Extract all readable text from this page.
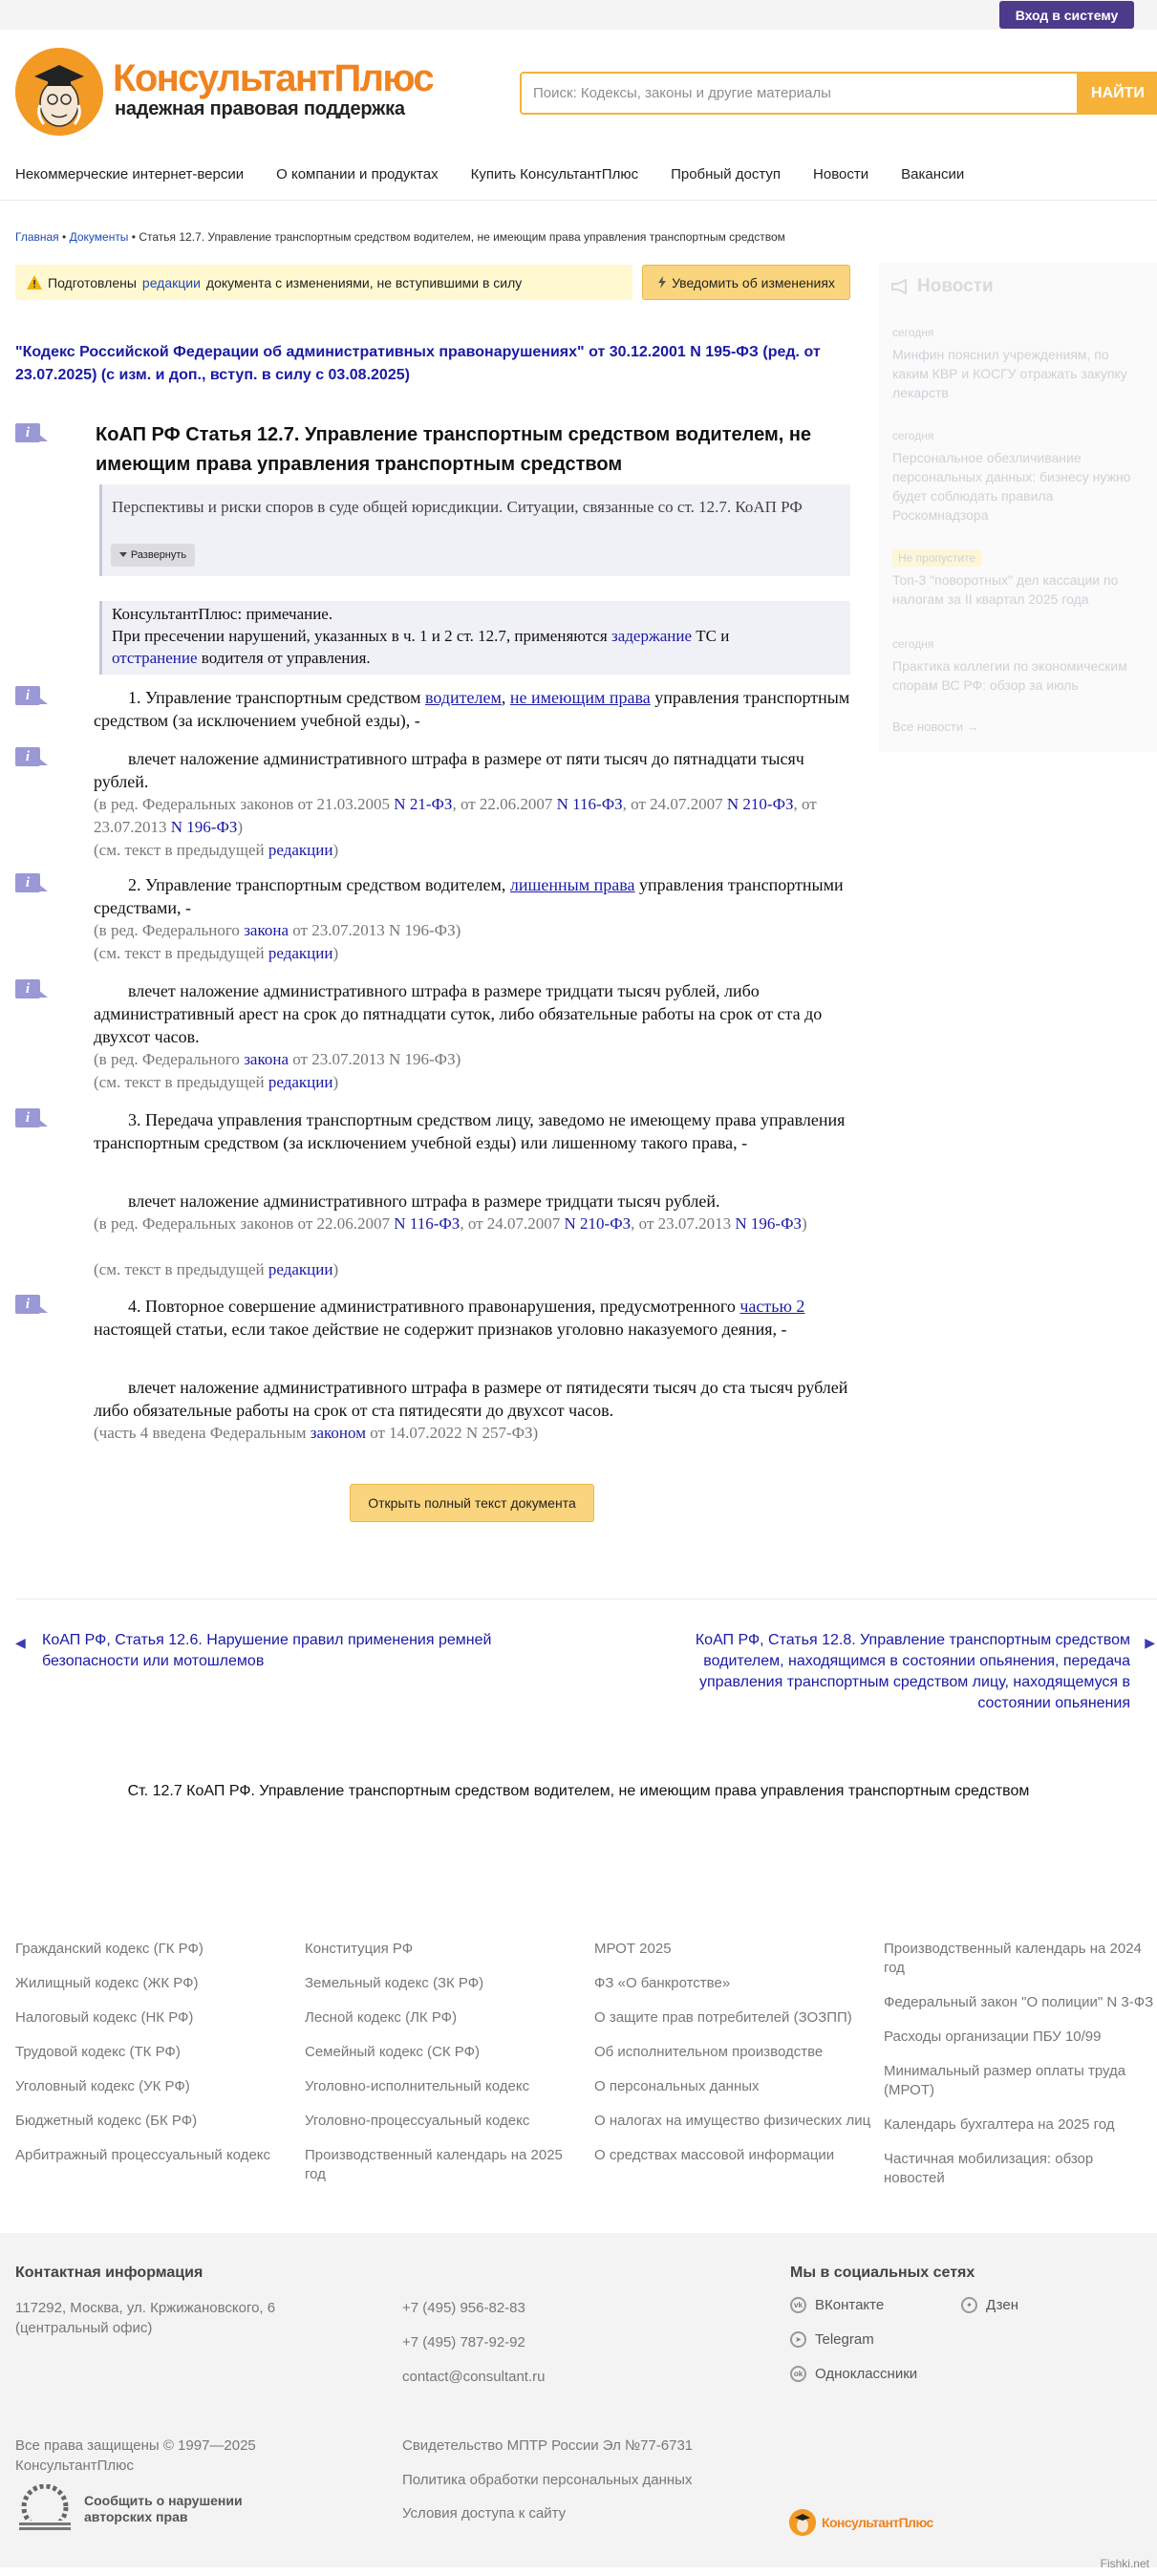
Вход в систему
КонсультантПлюс
надежная правовая поддержка
Поиск: Кодексы, законы и другие материалы
НАЙТИ
Некоммерческие интернет-версии О компании и продуктах Купить КонсультантПлюс Пробный доступ Новости Вакансии
Главная • Документы • Статья 12.7. Управление транспортным средством водителем, не имеющим права управления транспортным средством
Подготовлены редакции документа с изменениями, не вступившими в силу	Уведомить об изменениях
"Кодекс Российской Федерации об административных правонарушениях" от 30.12.2001 N 195-ФЗ (ред. от 23.07.2025) (с изм. и доп., вступ. в силу с 03.08.2025)
i
i
i
i
i
i
i
КоАП РФ Статья 12.7. Управление транспортным средством водителем, не имеющим права управления транспортным средством
Перспективы и риски споров в суде общей юрисдикции. Ситуации, связанные со ст. 12.7. КоАП РФ
Развернуть
КонсультантПлюс: примечание.
При пресечении нарушений, указанных в ч. 1 и 2 ст. 12.7, применяются задержание ТС и
отстранение водителя от управления.
1. Управление транспортным средством водителем, не имеющим права управления транспортным средством (за исключением учебной езды), -
влечет наложение административного штрафа в размере от пяти тысяч до пятнадцати тысяч рублей.
(в ред. Федеральных законов от 21.03.2005 N 21-ФЗ, от 22.06.2007 N 116-ФЗ, от 24.07.2007 N 210-ФЗ, от 23.07.2013 N 196-ФЗ)
(см. текст в предыдущей редакции)
2. Управление транспортным средством водителем, лишенным права управления транспортными средствами, -
(в ред. Федерального закона от 23.07.2013 N 196-ФЗ)
(см. текст в предыдущей редакции)
влечет наложение административного штрафа в размере тридцати тысяч рублей, либо административный арест на срок до пятнадцати суток, либо обязательные работы на срок от ста до двухсот часов.
(в ред. Федерального закона от 23.07.2013 N 196-ФЗ)
(см. текст в предыдущей редакции)
3. Передача управления транспортным средством лицу, заведомо не имеющему права управления транспортным средством (за исключением учебной езды) или лишенному такого права, -
влечет наложение административного штрафа в размере тридцати тысяч рублей.
(в ред. Федеральных законов от 22.06.2007 N 116-ФЗ, от 24.07.2007 N 210-ФЗ, от 23.07.2013 N 196-ФЗ)
(см. текст в предыдущей редакции)
4. Повторное совершение административного правонарушения, предусмотренного частью 2 настоящей статьи, если такое действие не содержит признаков уголовно наказуемого деяния, -
влечет наложение административного штрафа в размере от пятидесяти тысяч до ста тысяч рублей либо обязательные работы на срок от ста пятидесяти до двухсот часов.
(часть 4 введена Федеральным законом от 14.07.2022 N 257-ФЗ)
Открыть полный текст документа
◀	КоАП РФ, Статья 12.6. Нарушение правил применения ремней безопасности или мотошлемов
▶
КоАП РФ, Статья 12.8. Управление транспортным средством водителем, находящимся в состоянии опьянения, передача управления транспортным средством лицу, находящемуся в состоянии опьянения
Ст. 12.7 КоАП РФ. Управление транспортным средством водителем, не имеющим права управления транспортным средством
Новости
сегодня
Минфин пояснил учреждениям, по каким КВР и КОСГУ отражать закупку лекарств
сегодня
Персональное обезличивание персональных данных: бизнесу нужно будет соблюдать правила Роскомнадзора
Не пропустите
Топ-3 "поворотных" дел кассации по налогам за II квартал 2025 года
сегодня
Практика коллегии по экономическим спорам ВС РФ: обзор за июль
Все новости →
Гражданский кодекс (ГК РФ)
Жилищный кодекс (ЖК РФ)
Налоговый кодекс (НК РФ)
Трудовой кодекс (ТК РФ)
Уголовный кодекс (УК РФ)
Бюджетный кодекс (БК РФ)
Арбитражный процессуальный кодекс
Конституция РФ
Земельный кодекс (ЗК РФ)
Лесной кодекс (ЛК РФ)
Семейный кодекс (СК РФ)
Уголовно-исполнительный кодекс
Уголовно-процессуальный кодекс
Производственный календарь на 2025 год
МРОТ 2025
ФЗ «О банкротстве»
О защите прав потребителей (ЗОЗПП)
Об исполнительном производстве
О персональных данных
О налогах на имущество физических лиц
О средствах массовой информации
Производственный календарь на 2024 год
Федеральный закон "О полиции" N 3-ФЗ
Расходы организации ПБУ 10/99
Минимальный размер оплаты труда (МРОТ)
Календарь бухгалтера на 2025 год
Частичная мобилизация: обзор новостей
Контактная информация
117292, Москва, ул. Кржижановского, 6 (центральный офис)
+7 (495) 956-82-83
+7 (495) 787-92-92
contact@consultant.ru
Мы в социальных сетях
vk ВКонтакте	✦ Дзен
➤ Telegram
ok Одноклассники
Все права защищены © 1997—2025 КонсультантПлюс
Свидетельство МПТР России Эл №77-6731
Политика обработки персональных данных
Условия доступа к сайту
Сообщить о нарушении авторских прав	КонсультантПлюс
Fishki.net
